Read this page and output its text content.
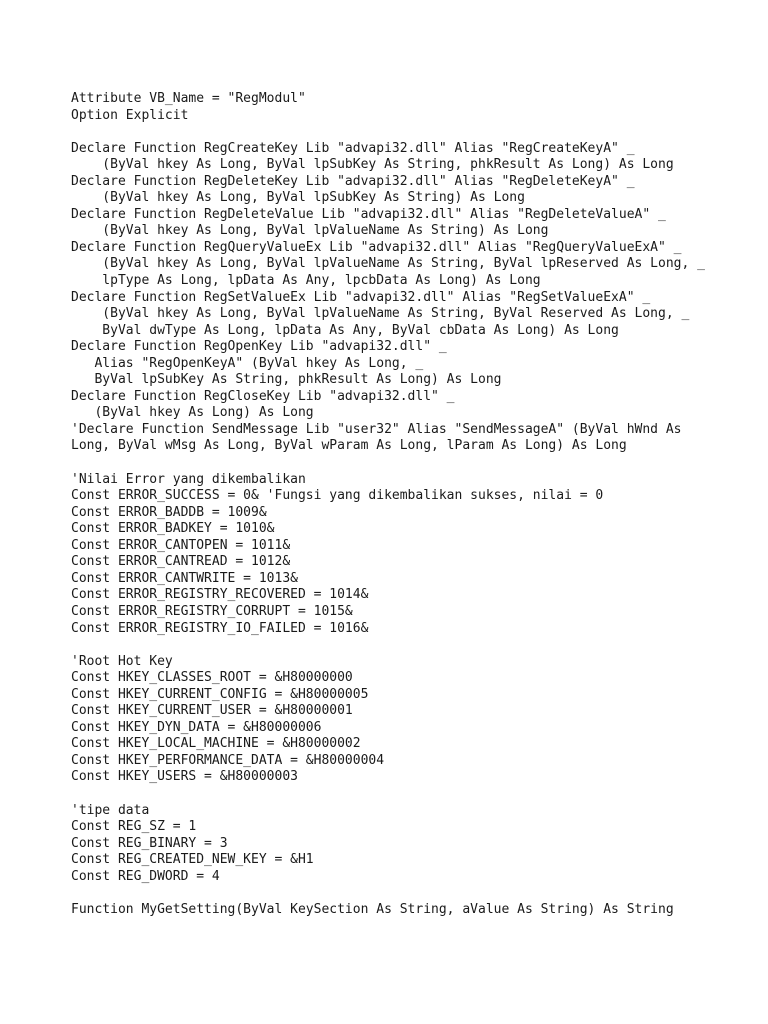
Attribute VB_Name = "RegModul"
Option Explicit
Declare Function RegCreateKey Lib "advapi32.dll" Alias "RegCreateKeyA" _
(ByVal hkey As Long, ByVal lpSubKey As String, phkResult As Long) As Long
Declare Function RegDeleteKey Lib "advapi32.dll" Alias "RegDeleteKeyA" _
(ByVal hkey As Long, ByVal lpSubKey As String) As Long
Declare Function RegDeleteValue Lib "advapi32.dll" Alias "RegDeleteValueA" _
(ByVal hkey As Long, ByVal lpValueName As String) As Long
Declare Function RegQueryValueEx Lib "advapi32.dll" Alias "RegQueryValueExA" _
(ByVal hkey As Long, ByVal lpValueName As String, ByVal lpReserved As Long, _
lpType As Long, lpData As Any, lpcbData As Long) As Long
Declare Function RegSetValueEx Lib "advapi32.dll" Alias "RegSetValueExA" _
(ByVal hkey As Long, ByVal lpValueName As String, ByVal Reserved As Long, _
ByVal dwType As Long, lpData As Any, ByVal cbData As Long) As Long
Declare Function RegOpenKey Lib "advapi32.dll" _
Alias "RegOpenKeyA" (ByVal hkey As Long, _
ByVal lpSubKey As String, phkResult As Long) As Long
Declare Function RegCloseKey Lib "advapi32.dll" _
(ByVal hkey As Long) As Long
'Declare Function SendMessage Lib "user32" Alias "SendMessageA" (ByVal hWnd As
Long, ByVal wMsg As Long, ByVal wParam As Long, lParam As Long) As Long
'Nilai Error yang dikembalikan
Const ERROR_SUCCESS = 0& 'Fungsi yang dikembalikan sukses, nilai = 0
Const ERROR_BADDB = 1009&
Const ERROR_BADKEY = 1010&
Const ERROR_CANTOPEN = 1011&
Const ERROR_CANTREAD = 1012&
Const ERROR_CANTWRITE = 1013&
Const ERROR_REGISTRY_RECOVERED = 1014&
Const ERROR_REGISTRY_CORRUPT = 1015&
Const ERROR_REGISTRY_IO_FAILED = 1016&
'Root Hot Key
Const HKEY_CLASSES_ROOT = &H80000000
Const HKEY_CURRENT_CONFIG = &H80000005
Const HKEY_CURRENT_USER = &H80000001
Const HKEY_DYN_DATA = &H80000006
Const HKEY_LOCAL_MACHINE = &H80000002
Const HKEY_PERFORMANCE_DATA = &H80000004
Const HKEY_USERS = &H80000003
'tipe data
Const REG_SZ = 1
Const REG_BINARY = 3
Const REG_CREATED_NEW_KEY = &H1
Const REG_DWORD = 4
Function MyGetSetting(ByVal KeySection As String, aValue As String) As String
